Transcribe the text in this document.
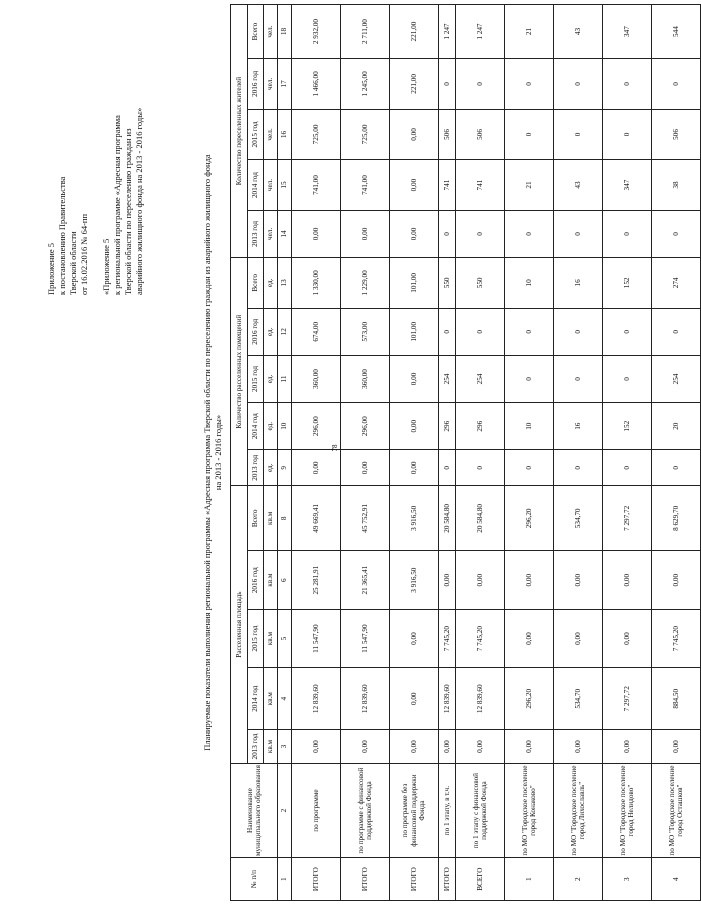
78

Приложение 5 к постановлению Правительства Тверской области от 16.02.2016 № 64-пп «Приложение 5 к региональной программе «Адресная программа Тверской области по переселению граждан из аварийного жилищного фонда на 2013 - 2016 годы»	Планируемые показатели выполнения региональной программы «Адресная программа Тверской области по переселению граждан из аварийного жилищного фонда на 2013 - 2016 годы»

№ п/п	Наименование муниципального образования	Расселенная площадь					Количество расселенных помещений					Количество переселенных жителей				
		2013 год	2014 год	2015 год	2016 год	Всего	2013 год	2014 год	2015 год	2016 год	Всего	2013 год	2014 год	2015 год	2016 год	Всего
		кв.м	кв.м	кв.м	кв.м	кв.м	ед.	ед.	ед.	ед.	ед.	чел.	чел.	чел.	чел.	чел.
1	2	3	4	5	6	8	9	10	11	12	13	14	15	16	17	18
ИТОГО	по программе	0,00	12 839,60	11 547,90	25 281,91	49 669,41	0,00	296,00	360,00	674,00	1 330,00	0,00	741,00	725,00	1 466,00	2 932,00
ИТОГО	по программе с финансовой поддержкой Фонда	0,00	12 839,60	11 547,90	21 365,41	45 752,91	0,00	296,00	360,00	573,00	1 229,00	0,00	741,00	725,00	1 245,00	2 711,00
ИТОГО	по программе без финансовой поддержки Фонда	0,00	0,00	0,00	3 916,50	3 916,50	0,00	0,00	0,00	101,00	101,00	0,00	0,00	0,00	221,00	221,00
ИТОГО	по 1 этапу, в т.ч.	0,00	12 839,60	7 745,20	0,00	20 584,80	0	296	254	0	550	0	741	506	0	1 247
ВСЕГО	по 1 этапу с финансовой поддержкой Фонда	0,00	12 839,60	7 745,20	0,00	20 584,80	0	296	254	0	550	0	741	506	0	1 247
1	по МО "Городское поселение город Конаково"	0,00	296,20	0,00	0,00	296,20	0	10	0	0	10	0	21	0	0	21
2	по МО "Городское поселение город Лихославль"	0,00	534,70	0,00	0,00	534,70	0	16	0	0	16	0	43	0	0	43
3	по МО "Городское поселение город Нелидово"	0,00	7 297,72	0,00	0,00	7 297,72	0	152	0	0	152	0	347	0	0	347
4	по МО "Городское поселение город Осташков"	0,00	884,50	7 745,20	0,00	8 629,70	0	20	254	0	274	0	38	506	0	544
